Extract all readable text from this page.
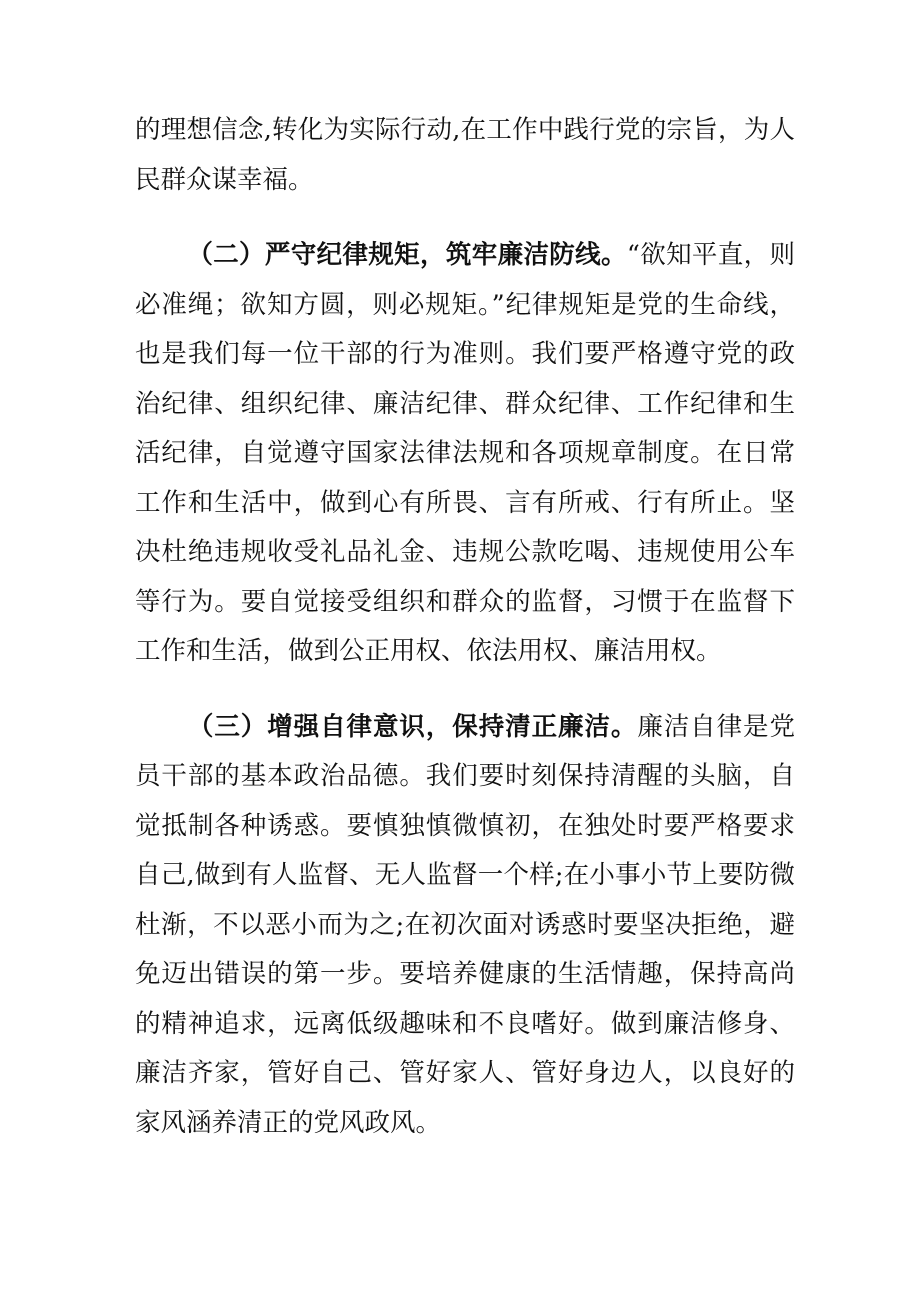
的理想信念,转化为实际行动,在工作中践行党的宗旨，为人民群众谋幸福。

（二）严守纪律规矩，筑牢廉洁防线。“欲知平直，则必准绳；欲知方圆，则必规矩。”纪律规矩是党的生命线，也是我们每一位干部的行为准则。我们要严格遵守党的政治纪律、组织纪律、廉洁纪律、群众纪律、工作纪律和生活纪律，自觉遵守国家法律法规和各项规章制度。在日常工作和生活中，做到心有所畏、言有所戒、行有所止。坚决杜绝违规收受礼品礼金、违规公款吃喝、违规使用公车等行为。要自觉接受组织和群众的监督，习惯于在监督下工作和生活，做到公正用权、依法用权、廉洁用权。

（三）增强自律意识，保持清正廉洁。廉洁自律是党员干部的基本政治品德。我们要时刻保持清醒的头脑，自觉抵制各种诱惑。要慎独慎微慎初，在独处时要严格要求自己,做到有人监督、无人监督一个样;在小事小节上要防微杜渐，不以恶小而为之;在初次面对诱惑时要坚决拒绝，避免迈出错误的第一步。要培养健康的生活情趣，保持高尚的精神追求，远离低级趣味和不良嗜好。做到廉洁修身、廉洁齐家，管好自己、管好家人、管好身边人，以良好的家风涵养清正的党风政风。
